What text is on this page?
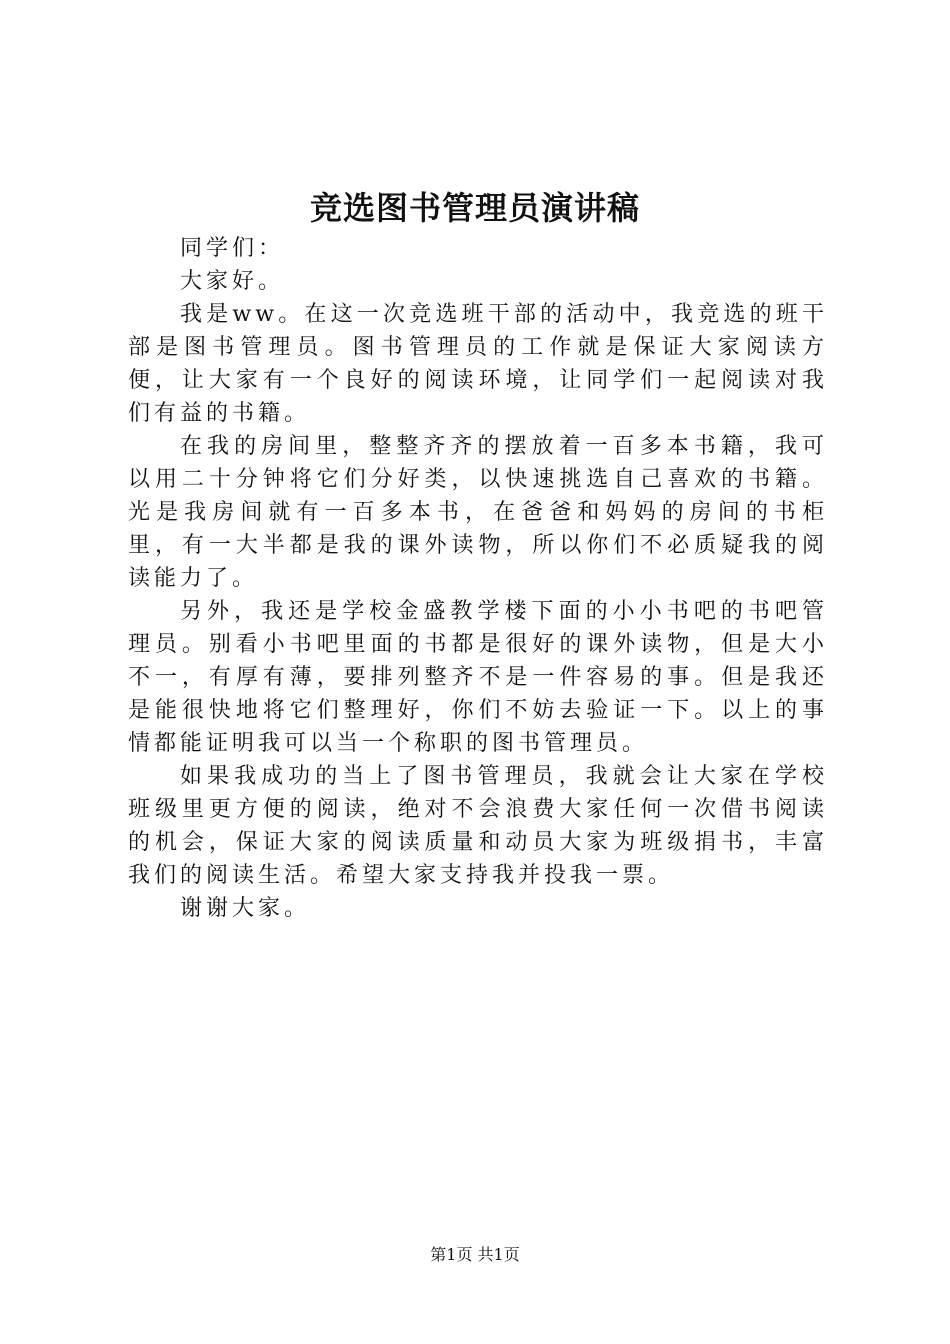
竞选图书管理员演讲稿

同学们：

大家好。

我是ww。在这一次竞选班干部的活动中，我竞选的班干部是图书管理员。图书管理员的工作就是保证大家阅读方便，让大家有一个良好的阅读环境，让同学们一起阅读对我们有益的书籍。

在我的房间里，整整齐齐的摆放着一百多本书籍，我可以用二十分钟将它们分好类，以快速挑选自己喜欢的书籍。光是我房间就有一百多本书，在爸爸和妈妈的房间的书柜里，有一大半都是我的课外读物，所以你们不必质疑我的阅读能力了。

另外，我还是学校金盛教学楼下面的小小书吧的书吧管理员。别看小书吧里面的书都是很好的课外读物，但是大小不一，有厚有薄，要排列整齐不是一件容易的事。但是我还是能很快地将它们整理好，你们不妨去验证一下。以上的事情都能证明我可以当一个称职的图书管理员。

如果我成功的当上了图书管理员，我就会让大家在学校班级里更方便的阅读，绝对不会浪费大家任何一次借书阅读的机会，保证大家的阅读质量和动员大家为班级捐书，丰富我们的阅读生活。希望大家支持我并投我一票。

谢谢大家。

第1页 共1页
